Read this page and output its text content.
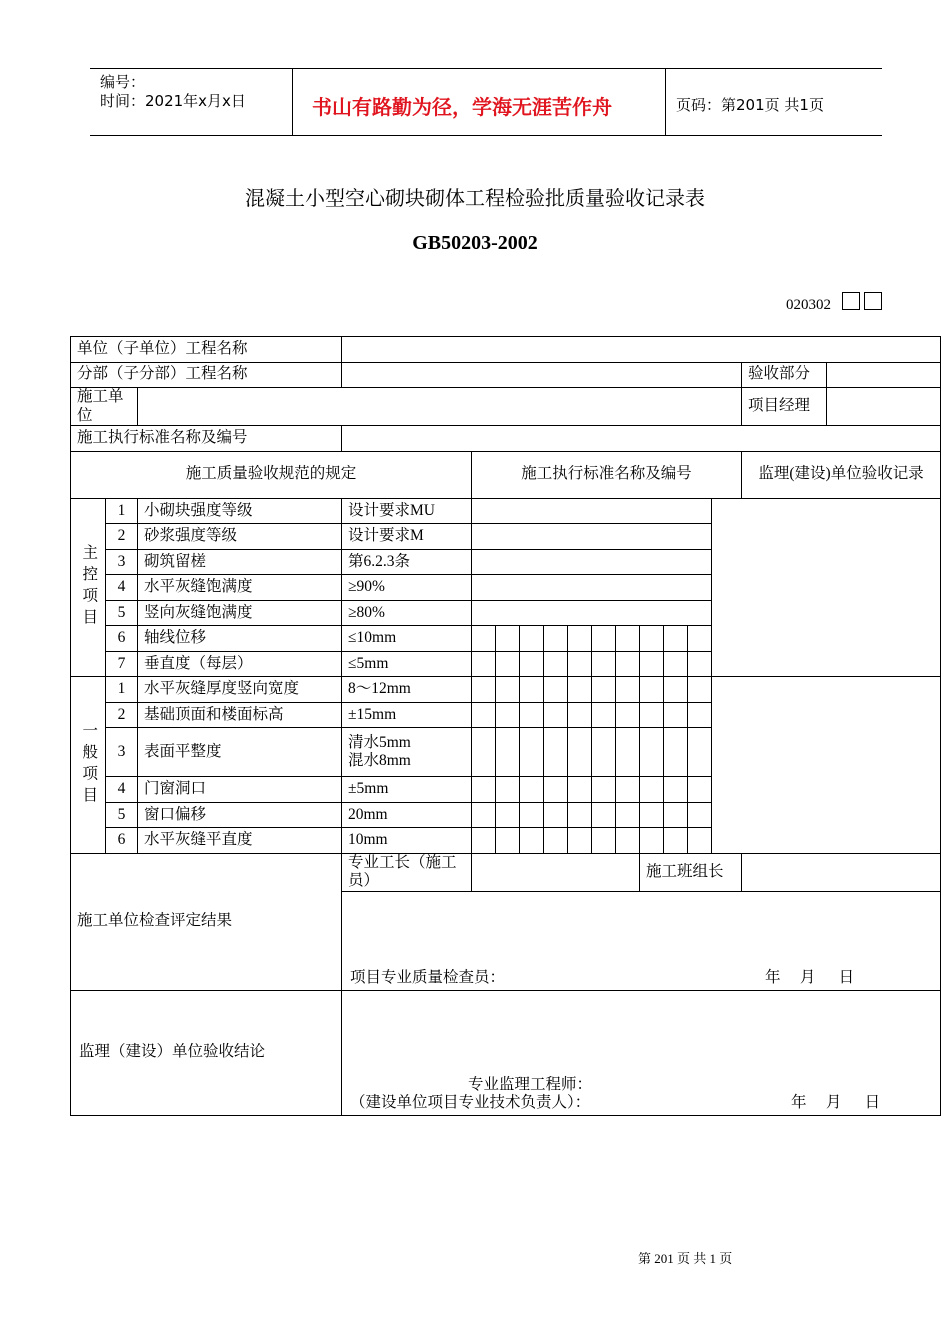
编号：
时间：2021年x月x日	书山有路勤为径，学海无涯苦作舟	页码：第201页 共1页
混凝土小型空心砌块砌体工程检验批质量验收记录表
GB50203-2002
020302
单位（子单位）工程名称																
分部（子分部）工程名称															验收部分	
施工单位															项目经理	
施工执行标准名称及编号																
施工质量验收规范的规定				施工执行标准名称及编号											监理(建设)单位验收记录	
主控项目	1	小砌块强度等级	设计要求MU													
	2	砂浆强度等级	设计要求M													
	3	砌筑留槎	第6.2.3条													
	4	水平灰缝饱满度	≥90%													
	5	竖向灰缝饱满度	≥80%													
	6	轴线位移	≤10mm													
	7	垂直度（每层）	≤5mm													
一般项目	1	水平灰缝厚度竖向宽度	8～12mm													
	2	基础顶面和楼面标高	±15mm													
	3	表面平整度	清水5mm
混水8mm													

	4	门窗洞口	±5mm													
	5	窗口偏移	20mm													
	6	水平灰缝平直度	10mm													
施工单位检查评定结果			专业工长（施工员）								施工班组长					

			项目专业质量检查员： 年     月      日													

监理（建设）单位验收结论			专业监理工程师：
（建设单位项目专业技术负责人）： 年     月      日													
第 201 页 共 1 页
